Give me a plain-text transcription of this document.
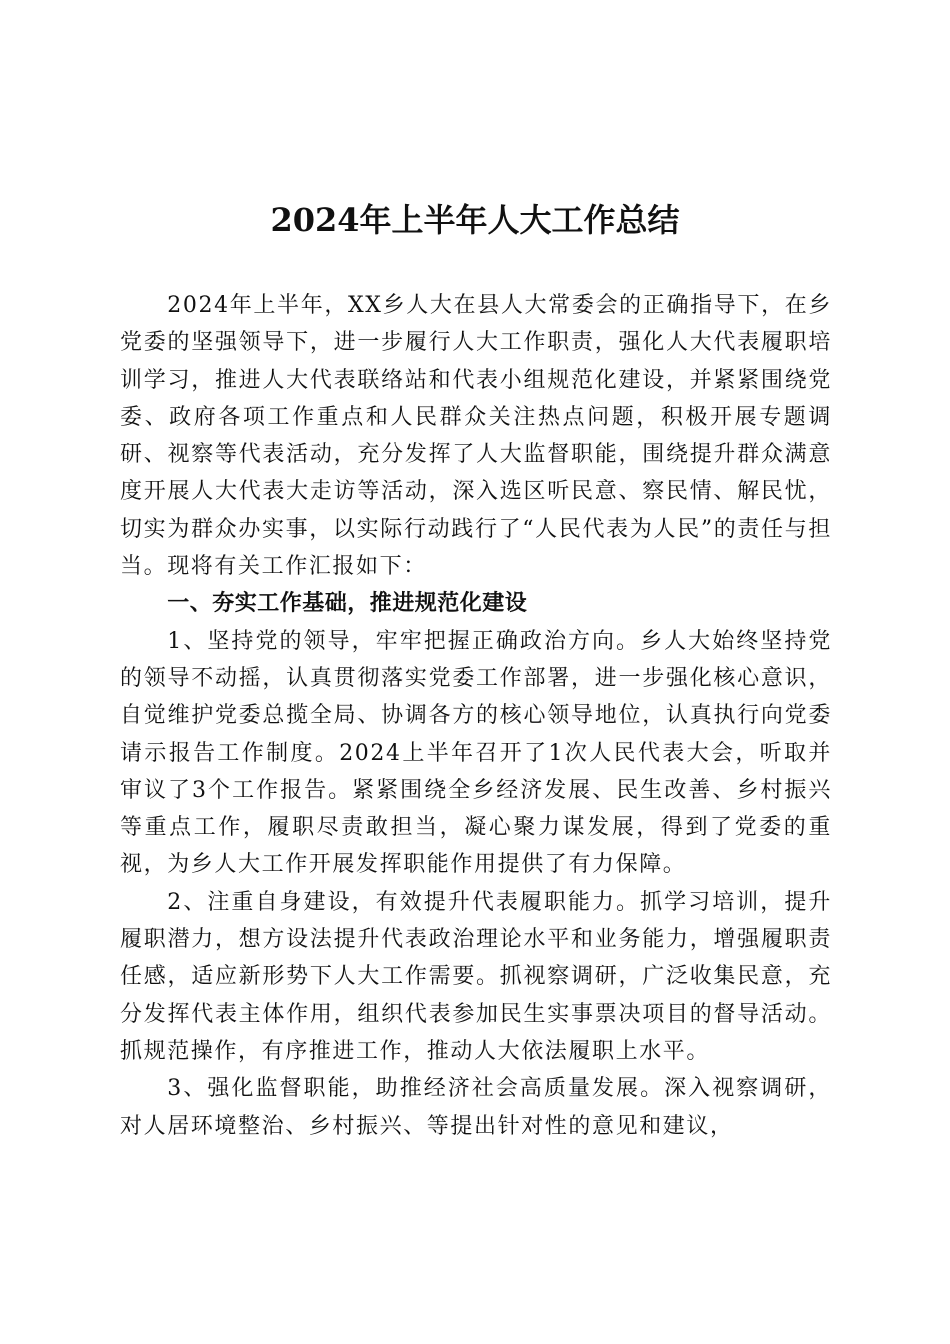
2024年上半年人大工作总结

2024年上半年，XX乡人大在县人大常委会的正确指导下，在乡党委的坚强领导下，进一步履行人大工作职责，强化人大代表履职培训学习，推进人大代表联络站和代表小组规范化建设，并紧紧围绕党委、政府各项工作重点和人民群众关注热点问题，积极开展专题调研、视察等代表活动，充分发挥了人大监督职能，围绕提升群众满意度开展人大代表大走访等活动，深入选区听民意、察民情、解民忧，切实为群众办实事，以实际行动践行了“人民代表为人民”的责任与担当。现将有关工作汇报如下：

一、夯实工作基础，推进规范化建设

1、坚持党的领导，牢牢把握正确政治方向。乡人大始终坚持党的领导不动摇，认真贯彻落实党委工作部署，进一步强化核心意识，自觉维护党委总揽全局、协调各方的核心领导地位，认真执行向党委请示报告工作制度。2024上半年召开了1次人民代表大会，听取并审议了3个工作报告。紧紧围绕全乡经济发展、民生改善、乡村振兴等重点工作，履职尽责敢担当，凝心聚力谋发展，得到了党委的重视，为乡人大工作开展发挥职能作用提供了有力保障。

2、注重自身建设，有效提升代表履职能力。抓学习培训，提升履职潜力，想方设法提升代表政治理论水平和业务能力，增强履职责任感，适应新形势下人大工作需要。抓视察调研，广泛收集民意，充分发挥代表主体作用，组织代表参加民生实事票决项目的督导活动。抓规范操作，有序推进工作，推动人大依法履职上水平。

3、强化监督职能，助推经济社会高质量发展。深入视察调研，对人居环境整治、乡村振兴、等提出针对性的意见和建议，
